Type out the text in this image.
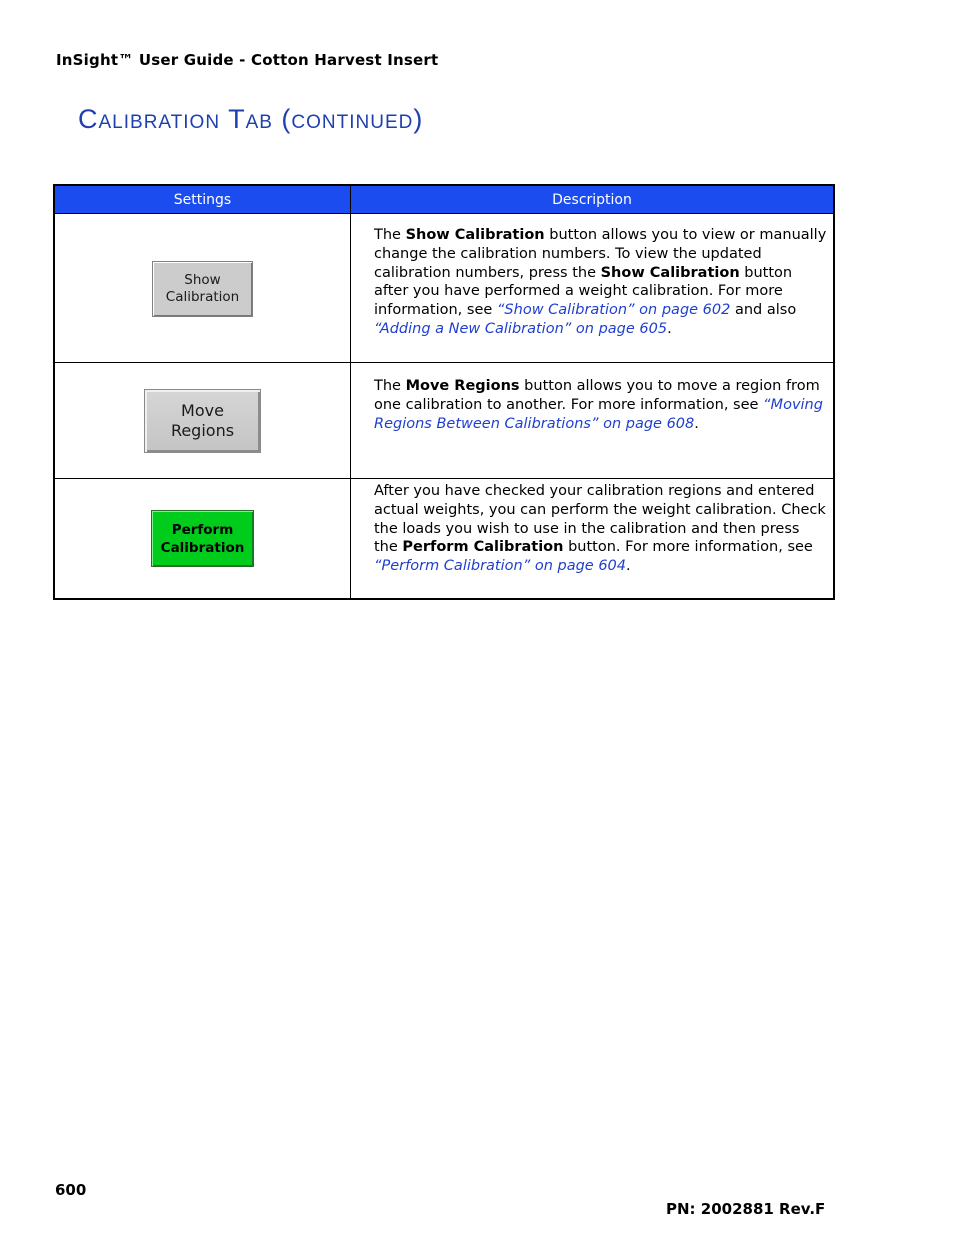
InSight™ User Guide - Cotton Harvest Insert
Calibration Tab (continued)
Settings	Description

Show
Calibration	The Show Calibration button allows you to view or manually change the calibration numbers. To view the updated calibration numbers, press the Show Calibration button after you have performed a weight calibration. For more information, see “Show Calibration” on page 602 and also “Adding a New Calibration” on page 605.

Move
Regions	The Move Regions button allows you to move a region from one calibration to another. For more information, see “Moving Regions Between Calibrations” on page 608.

Perform
Calibration	After you have checked your calibration regions and entered actual weights, you can perform the weight calibration. Check the loads you wish to use in the calibration and then press the Perform Calibration button. For more information, see “Perform Calibration” on page 604.
600
PN: 2002881 Rev.F
